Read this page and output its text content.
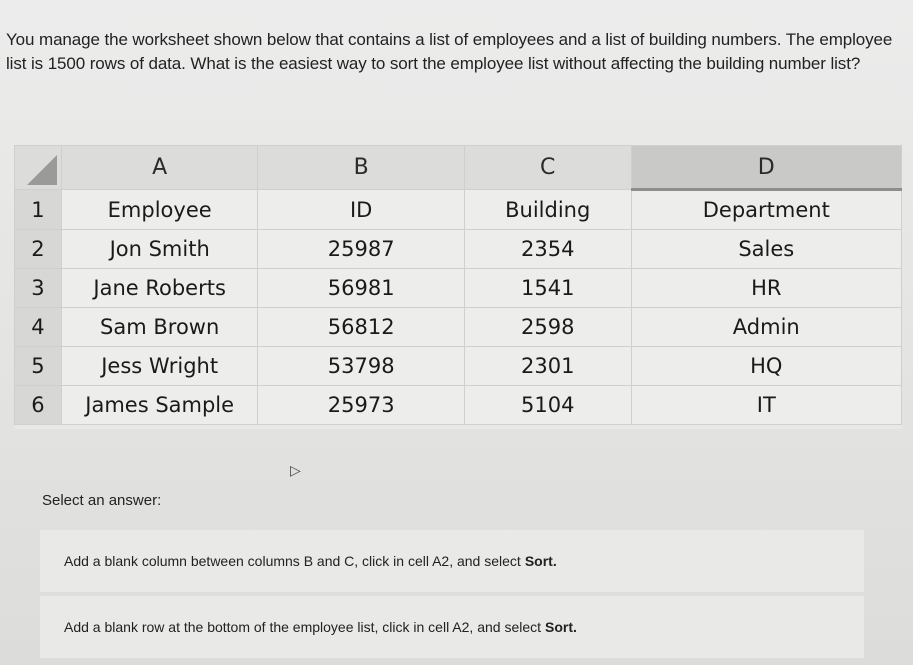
You manage the worksheet shown below that contains a list of employees and a list of building numbers. The employee list is 1500 rows of data. What is the easiest way to sort the employee list without affecting the building number list?
	A	B	C	D
1	Employee	ID	Building	Department
2	Jon Smith	25987	2354	Sales
3	Jane Roberts	56981	1541	HR
4	Sam Brown	56812	2598	Admin
5	Jess Wright	53798	2301	HQ
6	James Sample	25973	5104	IT
▷
Select an answer:
Add a blank column between columns B and C, click in cell A2, and select Sort.
Add a blank row at the bottom of the employee list, click in cell A2, and select Sort.
